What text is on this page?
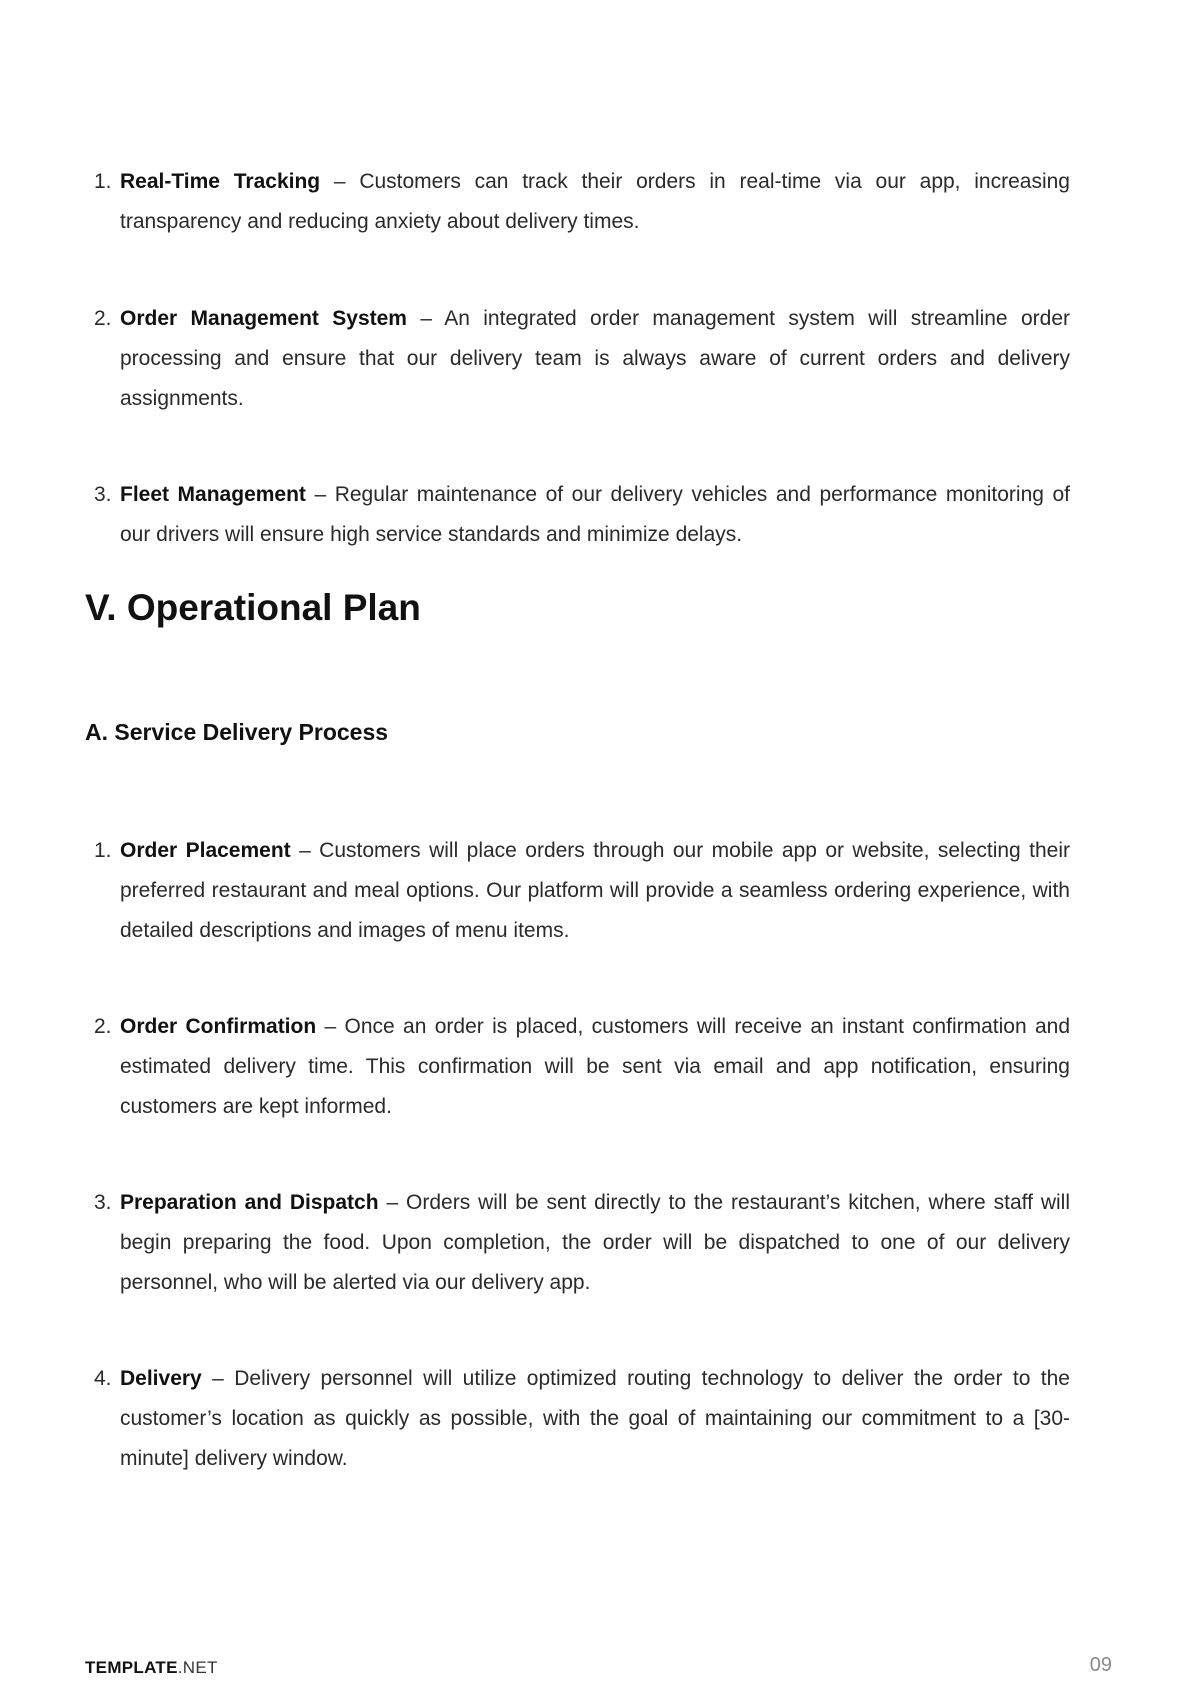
1. Real-Time Tracking – Customers can track their orders in real-time via our app, increasing transparency and reducing anxiety about delivery times.
2. Order Management System – An integrated order management system will streamline order processing and ensure that our delivery team is always aware of current orders and delivery assignments.
3. Fleet Management – Regular maintenance of our delivery vehicles and performance monitoring of our drivers will ensure high service standards and minimize delays.
V. Operational Plan
A. Service Delivery Process
1. Order Placement – Customers will place orders through our mobile app or website, selecting their preferred restaurant and meal options. Our platform will provide a seamless ordering experience, with detailed descriptions and images of menu items.
2. Order Confirmation – Once an order is placed, customers will receive an instant confirmation and estimated delivery time. This confirmation will be sent via email and app notification, ensuring customers are kept informed.
3. Preparation and Dispatch – Orders will be sent directly to the restaurant’s kitchen, where staff will begin preparing the food. Upon completion, the order will be dispatched to one of our delivery personnel, who will be alerted via our delivery app.
4. Delivery – Delivery personnel will utilize optimized routing technology to deliver the order to the customer’s location as quickly as possible, with the goal of maintaining our commitment to a [30-minute] delivery window.
TEMPLATE.NET	09
